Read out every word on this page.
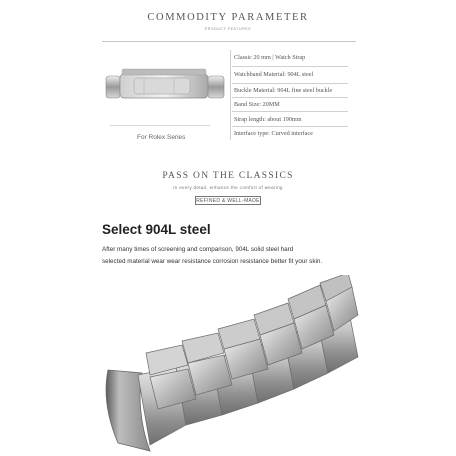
COMMODITY PARAMETER
PRODUCT FEATURES
For Rolex Series
Classic 20 mm | Watch Strap
Watchband Material: 904L steel
Buckle Material: 904L fine steel buckle
Band Size: 20MM
Strap length: about 190mm
Interface type: Curved interface
PASS ON THE CLASSICS
In every detail, enhance the comfort of wearing
REFINED & WELL-MADE
Select 904L steel
After many times of screening and comparison, 904L solid steel hard
selected material wear wear resistance corrosion resistance better fit your skin.
